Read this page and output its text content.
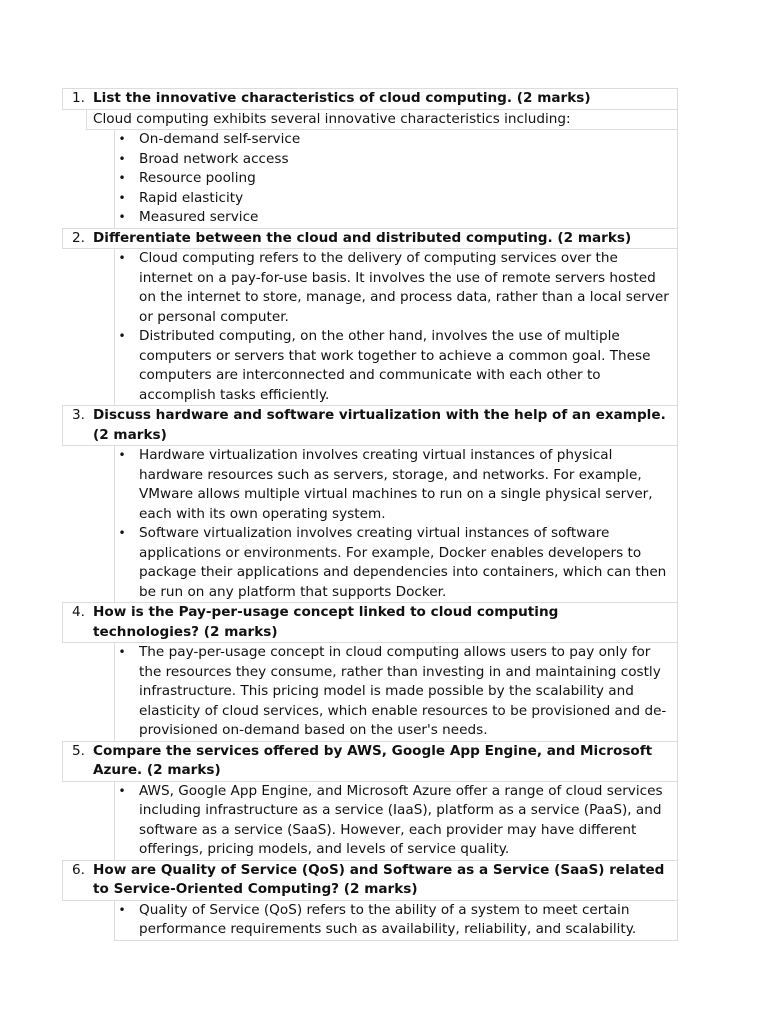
1. List the innovative characteristics of cloud computing. (2 marks)
Cloud computing exhibits several innovative characteristics including:
•
On-demand self-service
•
Broad network access
•
Resource pooling
•
Rapid elasticity
•
Measured service
2. Differentiate between the cloud and distributed computing. (2 marks)
•
Cloud computing refers to the delivery of computing services over the internet on a pay-for-use basis. It involves the use of remote servers hosted on the internet to store, manage, and process data, rather than a local server or personal computer.
•
Distributed computing, on the other hand, involves the use of multiple computers or servers that work together to achieve a common goal. These computers are interconnected and communicate with each other to accomplish tasks efficiently.
3. Discuss hardware and software virtualization with the help of an example. (2 marks)
•
Hardware virtualization involves creating virtual instances of physical hardware resources such as servers, storage, and networks. For example, VMware allows multiple virtual machines to run on a single physical server, each with its own operating system.
•
Software virtualization involves creating virtual instances of software applications or environments. For example, Docker enables developers to package their applications and dependencies into containers, which can then be run on any platform that supports Docker.
4. How is the Pay-per-usage concept linked to cloud computing technologies? (2 marks)
•
The pay-per-usage concept in cloud computing allows users to pay only for the resources they consume, rather than investing in and maintaining costly infrastructure. This pricing model is made possible by the scalability and elasticity of cloud services, which enable resources to be provisioned and de-provisioned on-demand based on the user's needs.
5. Compare the services offered by AWS, Google App Engine, and Microsoft Azure. (2 marks)
•
AWS, Google App Engine, and Microsoft Azure offer a range of cloud services including infrastructure as a service (IaaS), platform as a service (PaaS), and software as a service (SaaS). However, each provider may have different offerings, pricing models, and levels of service quality.
6. How are Quality of Service (QoS) and Software as a Service (SaaS) related to Service-Oriented Computing? (2 marks)
•
Quality of Service (QoS) refers to the ability of a system to meet certain performance requirements such as availability, reliability, and scalability.
